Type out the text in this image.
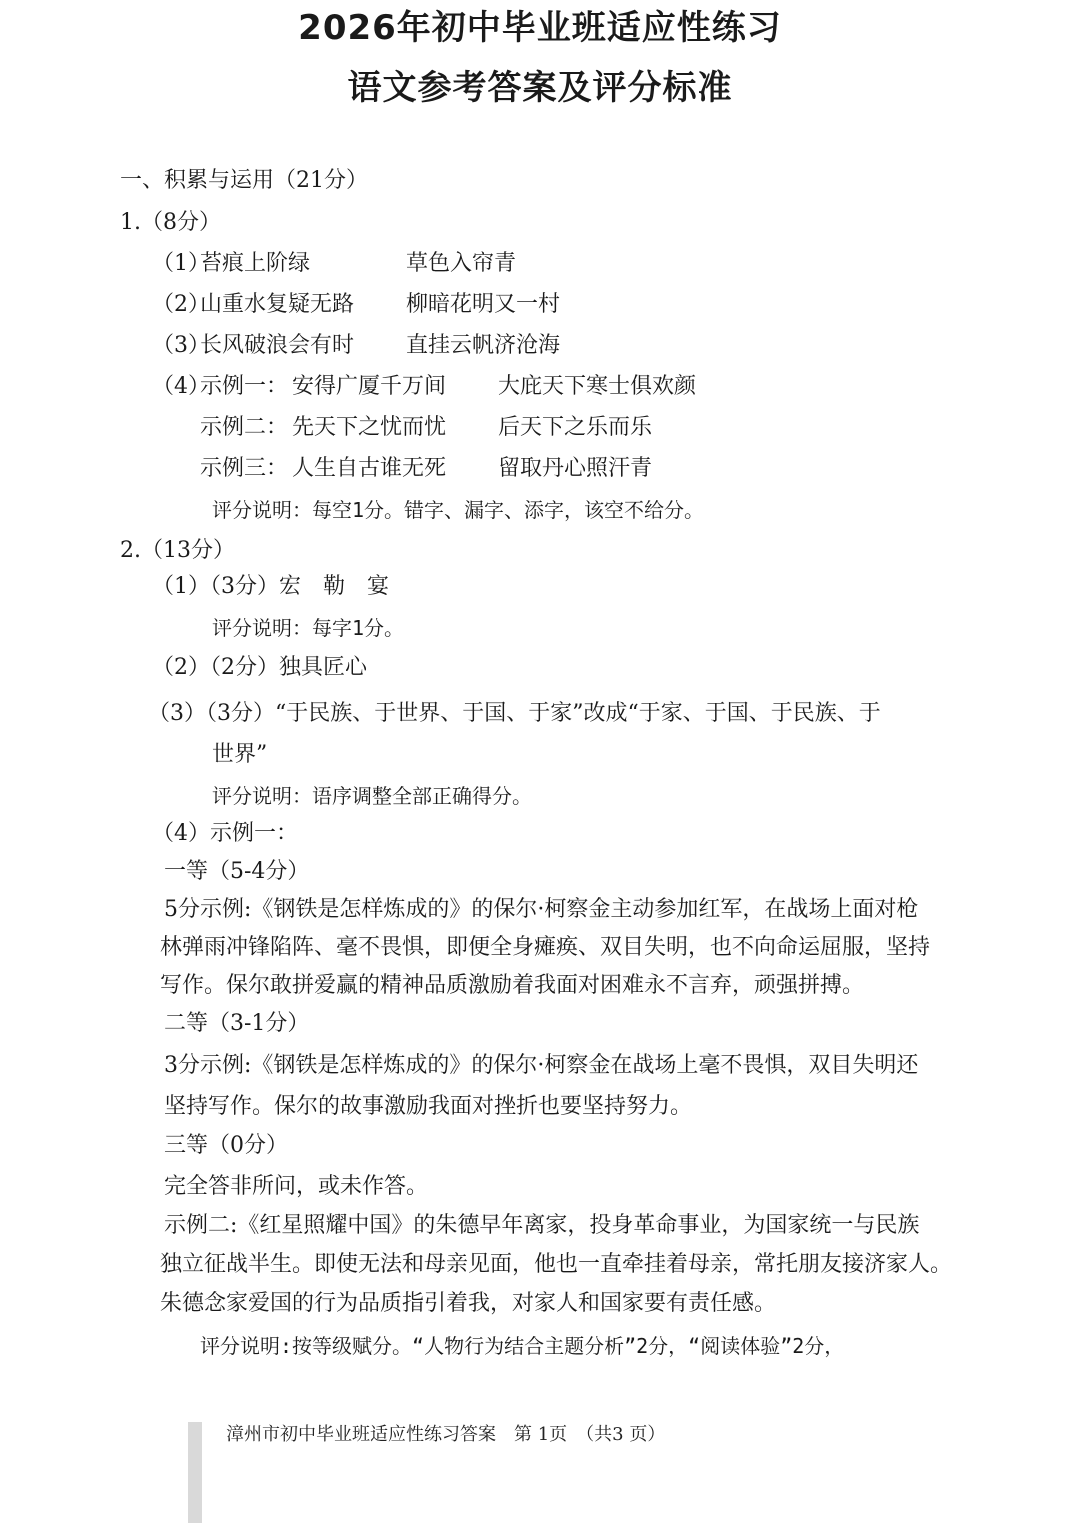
2026年初中毕业班适应性练习
语文参考答案及评分标准
一、积累与运用（21分）
1.（8分）
（1）
苔痕上阶绿	草色入帘青
（2）
山重水复疑无路 柳暗花明又一村
（3）
长风破浪会有时 直挂云帆济沧海
（4）
示例一： 安得广厦千万间 大庇天下寒士俱欢颜
示例二： 先天下之忧而忧 后天下之乐而乐
示例三： 人生自古谁无死 留取丹心照汗青
评分说明：每空1分。错字、漏字、添字，该空不给分。
2.（13分）
（1）（3分）宏　勒　宴
评分说明：每字1分。
（2）（2分）独具匠心
（3）（3分）“于民族、于世界、于国、于家”改成“于家、于国、于民族、于
世界”
评分说明：语序调整全部正确得分。
（4）示例一：
一等（5-4分）
5分示例:《钢铁是怎样炼成的》的保尔·柯察金主动参加红军，在战场上面对枪
林弹雨冲锋陷阵、毫不畏惧，即便全身瘫痪、双目失明，也不向命运屈服，坚持
写作。保尔敢拼爱赢的精神品质激励着我面对困难永不言弃，顽强拼搏。
二等（3-1分）
3分示例:《钢铁是怎样炼成的》的保尔·柯察金在战场上毫不畏惧，双目失明还
坚持写作。保尔的故事激励我面对挫折也要坚持努力。
三等（0分）
完全答非所问，或未作答。
示例二:《红星照耀中国》的朱德早年离家，投身革命事业，为国家统一与民族
独立征战半生。即使无法和母亲见面，他也一直牵挂着母亲，常托朋友接济家人。
朱德念家爱国的行为品质指引着我，对家人和国家要有责任感。
评分说明:按等级赋分。“人物行为结合主题分析”2分，“阅读体验”2分，
漳州市初中毕业班适应性练习答案　第 1页　（共3 页）
